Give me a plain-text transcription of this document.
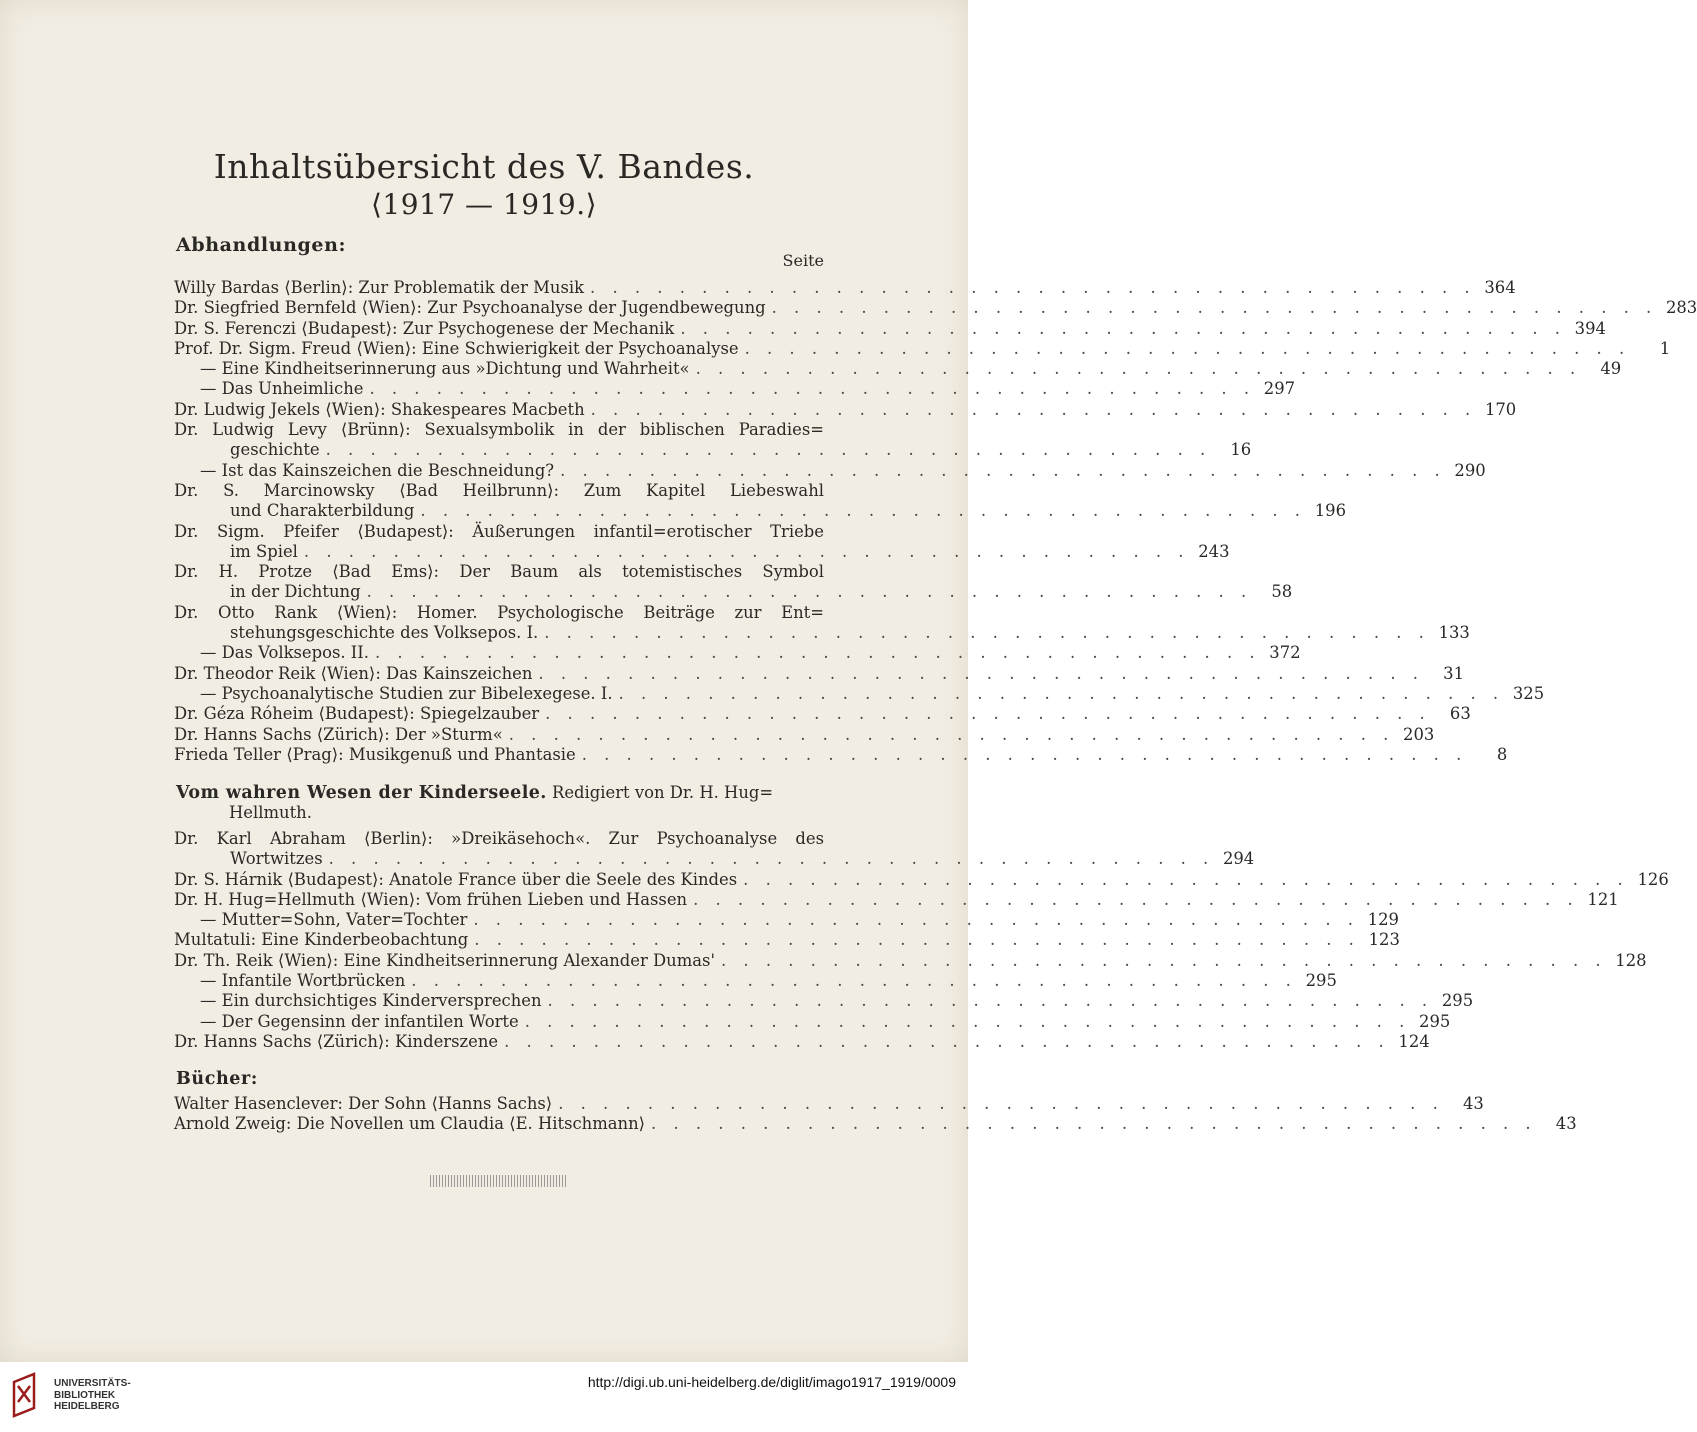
Inhaltsübersicht des V. Bandes.
⟨1917 — 1919.⟩
Abhandlungen:
Seite
Willy Bardas ⟨Berlin⟩: Zur Problematik der Musik . . . . . . . . . . . . . . . . . . . . . . . . . . . . . . . . . . . . . . . . 364
Dr. Siegfried Bernfeld ⟨Wien⟩: Zur Psychoanalyse der Jugendbewegung . . . . . . . . . . . . . . . . . . . . . . . . . . . . . . . . . . . . . . . . 283
Dr. S. Ferenczi ⟨Budapest⟩: Zur Psychogenese der Mechanik . . . . . . . . . . . . . . . . . . . . . . . . . . . . . . . . . . . . . . . . 394
Prof. Dr. Sigm. Freud ⟨Wien⟩: Eine Schwierigkeit der Psychoanalyse . . . . . . . . . . . . . . . . . . . . . . . . . . . . . . . . . . . . . . . .	1
— Eine Kindheitserinnerung aus »Dichtung und Wahrheit« . . . . . . . . . . . . . . . . . . . . . . . . . . . . . . . . . . . . . . . .	49
— Das Unheimliche . . . . . . . . . . . . . . . . . . . . . . . . . . . . . . . . . . . . . . . . 297
Dr. Ludwig Jekels ⟨Wien⟩: Shakespeares Macbeth . . . . . . . . . . . . . . . . . . . . . . . . . . . . . . . . . . . . . . . . 170
Dr. Ludwig Levy ⟨Brünn⟩: Sexualsymbolik in der biblischen Paradies=
geschichte . . . . . . . . . . . . . . . . . . . . . . . . . . . . . . . . . . . . . . . .	16
— Ist das Kainszeichen die Beschneidung? . . . . . . . . . . . . . . . . . . . . . . . . . . . . . . . . . . . . . . . . 290
Dr. S. Marcinowsky ⟨Bad Heilbrunn⟩: Zum Kapitel Liebeswahl
und Charakterbildung . . . . . . . . . . . . . . . . . . . . . . . . . . . . . . . . . . . . . . . . 196
Dr. Sigm. Pfeifer ⟨Budapest⟩: Äußerungen infantil=erotischer Triebe
im Spiel . . . . . . . . . . . . . . . . . . . . . . . . . . . . . . . . . . . . . . . . 243
Dr. H. Protze ⟨Bad Ems⟩: Der Baum als totemistisches Symbol
in der Dichtung . . . . . . . . . . . . . . . . . . . . . . . . . . . . . . . . . . . . . . . .	58
Dr. Otto Rank ⟨Wien⟩: Homer. Psychologische Beiträge zur Ent=
stehungsgeschichte des Volksepos. I. . . . . . . . . . . . . . . . . . . . . . . . . . . . . . . . . . . . . . . . . 133
— Das Volksepos. II. . . . . . . . . . . . . . . . . . . . . . . . . . . . . . . . . . . . . . . . . 372
Dr. Theodor Reik ⟨Wien⟩: Das Kainszeichen . . . . . . . . . . . . . . . . . . . . . . . . . . . . . . . . . . . . . . . .	31
— Psychoanalytische Studien zur Bibelexegese. I. . . . . . . . . . . . . . . . . . . . . . . . . . . . . . . . . . . . . . . . . 325
Dr. Géza Róheim ⟨Budapest⟩: Spiegelzauber . . . . . . . . . . . . . . . . . . . . . . . . . . . . . . . . . . . . . . . .	63
Dr. Hanns Sachs ⟨Zürich⟩: Der »Sturm« . . . . . . . . . . . . . . . . . . . . . . . . . . . . . . . . . . . . . . . . 203
Frieda Teller ⟨Prag⟩: Musikgenuß und Phantasie . . . . . . . . . . . . . . . . . . . . . . . . . . . . . . . . . . . . . . . .	8
Vom wahren Wesen der Kinderseele. Redigiert von Dr. H. Hug=
Hellmuth.
Dr. Karl Abraham ⟨Berlin⟩: »Dreikäsehoch«. Zur Psychoanalyse des
Wortwitzes . . . . . . . . . . . . . . . . . . . . . . . . . . . . . . . . . . . . . . . . 294
Dr. S. Hárnik ⟨Budapest⟩: Anatole France über die Seele des Kindes . . . . . . . . . . . . . . . . . . . . . . . . . . . . . . . . . . . . . . . . 126
Dr. H. Hug=Hellmuth ⟨Wien⟩: Vom frühen Lieben und Hassen . . . . . . . . . . . . . . . . . . . . . . . . . . . . . . . . . . . . . . . . 121
— Mutter=Sohn, Vater=Tochter . . . . . . . . . . . . . . . . . . . . . . . . . . . . . . . . . . . . . . . . 129
Multatuli: Eine Kinderbeobachtung . . . . . . . . . . . . . . . . . . . . . . . . . . . . . . . . . . . . . . . . 123
Dr. Th. Reik ⟨Wien⟩: Eine Kindheitserinnerung Alexander Dumas' . . . . . . . . . . . . . . . . . . . . . . . . . . . . . . . . . . . . . . . . 128
— Infantile Wortbrücken . . . . . . . . . . . . . . . . . . . . . . . . . . . . . . . . . . . . . . . . 295
— Ein durchsichtiges Kinderversprechen . . . . . . . . . . . . . . . . . . . . . . . . . . . . . . . . . . . . . . . . 295
— Der Gegensinn der infantilen Worte . . . . . . . . . . . . . . . . . . . . . . . . . . . . . . . . . . . . . . . . 295
Dr. Hanns Sachs ⟨Zürich⟩: Kinderszene . . . . . . . . . . . . . . . . . . . . . . . . . . . . . . . . . . . . . . . . 124
Bücher:
Walter Hasenclever: Der Sohn ⟨Hanns Sachs⟩ . . . . . . . . . . . . . . . . . . . . . . . . . . . . . . . . . . . . . . . .	43
Arnold Zweig: Die Novellen um Claudia ⟨E. Hitschmann⟩ . . . . . . . . . . . . . . . . . . . . . . . . . . . . . . . . . . . . . . . .	43
UNIVERSITÄTS-
BIBLIOTHEK
HEIDELBERG
http://digi.ub.uni-heidelberg.de/diglit/imago1917_1919/0009
